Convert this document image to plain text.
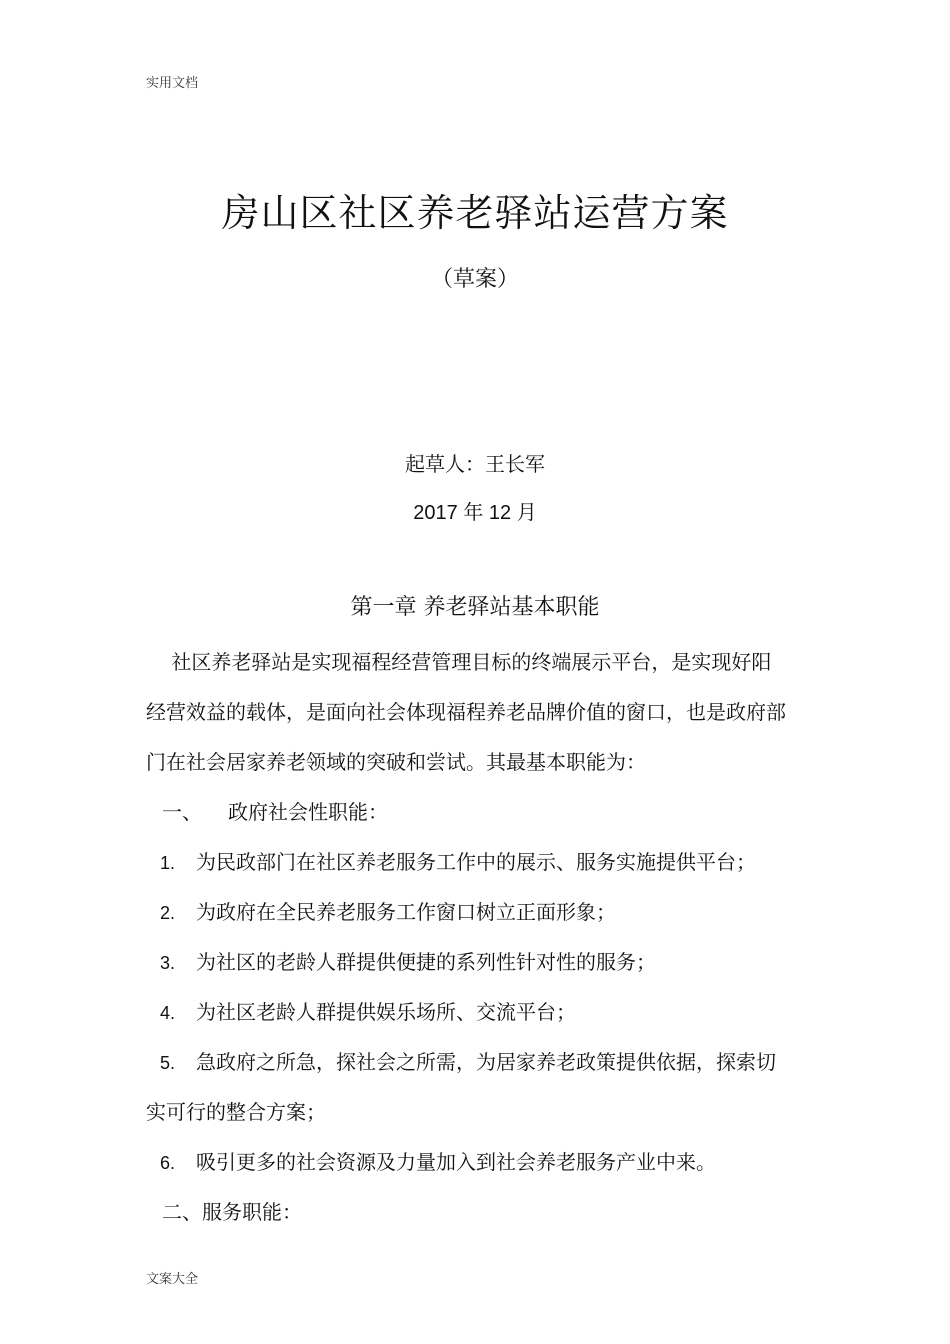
实用文档
房山区社区养老驿站运营方案
（草案）
起草人：王长军
2017 年 12 月
第一章 养老驿站基本职能
社区养老驿站是实现福程经营管理目标的终端展示平台，是实现好阳
经营效益的载体，是面向社会体现福程养老品牌价值的窗口，也是政府部
门在社会居家养老领域的突破和尝试。其最基本职能为：
一、	政府社会性职能：
1.	为民政部门在社区养老服务工作中的展示、服务实施提供平台；
2.	为政府在全民养老服务工作窗口树立正面形象；
3.	为社区的老龄人群提供便捷的系列性针对性的服务；
4.	为社区老龄人群提供娱乐场所、交流平台；
5.	急政府之所急，探社会之所需，为居家养老政策提供依据，探索切
实可行的整合方案；
6.	吸引更多的社会资源及力量加入到社会养老服务产业中来。
二、服务职能：
文案大全
